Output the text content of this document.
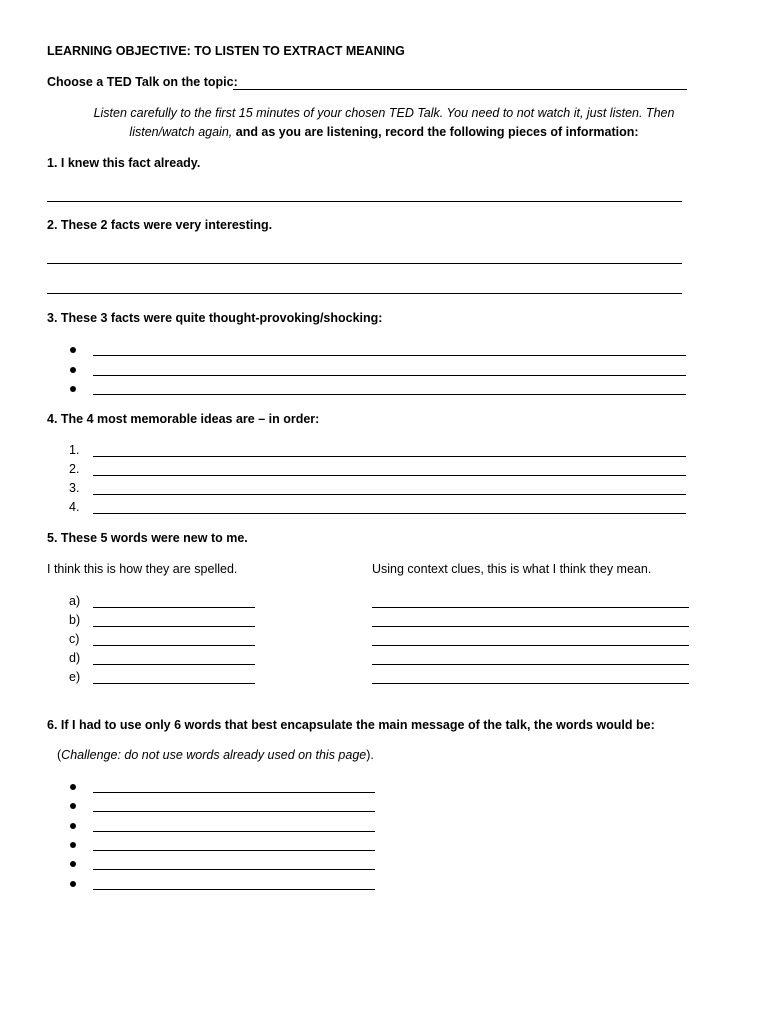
LEARNING OBJECTIVE: TO LISTEN TO EXTRACT MEANING
Choose a TED Talk on the topic:
Listen carefully to the first 15 minutes of your chosen TED Talk. You need to not watch it, just listen. Then
listen/watch again, and as you are listening, record the following pieces of information:
1. I knew this fact already.
2. These 2 facts were very interesting.
3. These 3 facts were quite thought-provoking/shocking:
4. The 4 most memorable ideas are – in order:
1.
2.
3.
4.
5. These 5 words were new to me.
I think this is how they are spelled.	Using context clues, this is what I think they mean.
a)
b)
c)
d)
e)
6. If I had to use only 6 words that best encapsulate the main message of the talk, the words would be:
(Challenge: do not use words already used on this page).
